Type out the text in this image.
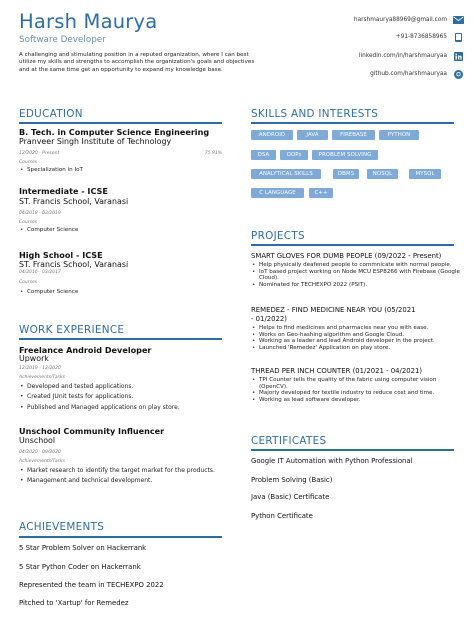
Harsh Maurya
Software Developer
A challenging and stimulating position in a reputed organization, where I can best utilize my skills and strengths to accomplish the organization's goals and objectives and at the same time get an opportunity to expand my knowledge base.
harshmaurya88969@gmail.com
+91-8736858965
linkedin.com/in/harshmauryaa
github.com/harshmauryaa
EDUCATION
B. Tech. in Computer Science Engineering
Pranveer Singh Institute of Technology
12/2020 - Present	75.91%
Courses
• Specialization in IoT
Intermediate - ICSE
ST. Francis School, Varanasi
04/2018 - 03/2019
Courses
• Computer Science
High School - ICSE
ST. Francis School, Varanasi
04/2016 - 03/2017
Courses
• Computer Science
WORK EXPERIENCE
Freelance Android Developer
Upwork
12/2019 - 12/2020
Achievements/Tasks
• Developed and tested applications.
• Created JUnit tests for applications.
• Published and Managed applications on play store.
Unschool Community Influencer
Unschool
04/2020 - 09/2020
Achievements/Tasks
• Market research to identify the target market for the products.
• Management and technical development.
ACHIEVEMENTS
5 Star Problem Solver on Hackerrank
5 Star Python Coder on Hackerrank
Represented the team in TECHEXPO 2022
Pitched to 'Xartup' for Remedez
SKILLS AND INTERESTS
ANDROID	JAVA	FIREBASE	PYTHON
DSA	OOPs	PROBLEM SOLVING
ANALYTICAL SKILLS	DBMS	NOSQL	MYSQL
C LANGUAGE	C++
PROJECTS
SMART GLOVES FOR DUMB PEOPLE (09/2022 - Present)
• Help physically deafened people to commnicate with normal people.
• IoT based project working on Node MCU ESP8266 with Firebase (Google Cloud).
• Nominated for TECHEXPO 2022 (PSIT).
REMEDEZ - FIND MEDICINE NEAR YOU (05/2021 - 01/2022)
• Helps to find medicines and pharmacies near you with ease.
• Works on Geo-hashing algorithm and Google Cloud.
• Working as a leader and lead Android developer in the project.
• Launched 'Remedez' Application on play store.
THREAD PER INCH COUNTER (01/2021 - 04/2021)
• TPI Counter tells the quality of the fabric using computer vision (OpenCV).
• Majorly developed for textile industry to reduce cost and time.
• Working as lead software developer.
CERTIFICATES
Google IT Automation with Python Professional
Problem Solving (Basic)
Java (Basic) Certificate
Python Certificate
